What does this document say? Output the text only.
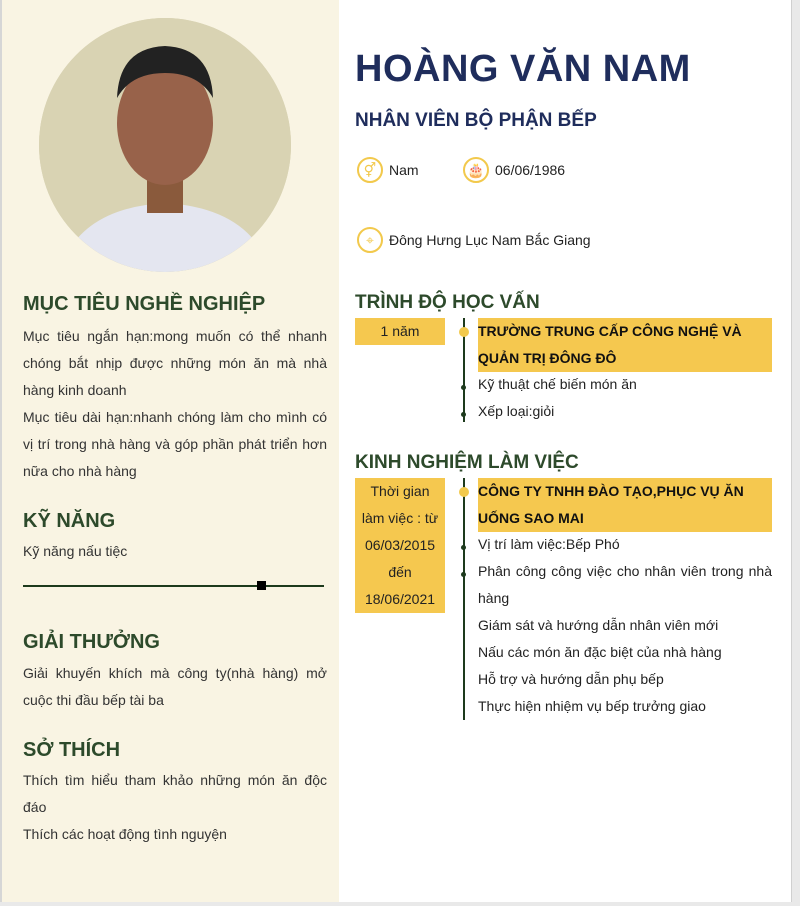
MỤC TIÊU NGHỀ NGHIỆP

Mục tiêu ngắn hạn:mong muốn có thể nhanh chóng bắt nhịp được những món ăn mà nhà hàng kinh doanh

Mục tiêu dài hạn:nhanh chóng làm cho mình có vị trí trong nhà hàng và góp phần phát triển hơn nữa cho nhà hàng

KỸ NĂNG
Kỹ năng nấu tiệc
GIẢI THƯỞNG
Giải khuyến khích mà công ty(nhà hàng) mở cuộc thi đầu bếp tài ba
SỞ THÍCH

Thích tìm hiểu tham khảo những món ăn độc đáo

Thích các hoạt động tình nguyện

HOÀNG VĂN NAM
NHÂN VIÊN BỘ PHẬN BẾP
⚥ Nam	🎂 06/06/1986
⌖	Đông Hưng Lục Nam Bắc Giang
TRÌNH ĐỘ HỌC VẤN
1 năm	TRƯỜNG TRUNG CẤP CÔNG NGHỆ VÀ QUẢN TRỊ ĐÔNG ĐÔ
Kỹ thuật chế biến món ăn
Xếp loại:giỏi
KINH NGHIỆM LÀM VIỆC
Thời gian làm việc : từ 06/03/2015 đến 18/06/2021
CÔNG TY TNHH ĐÀO TẠO,PHỤC VỤ ĂN UỐNG SAO MAI
Vị trí làm việc:Bếp Phó
Phân công công việc cho nhân viên trong nhà hàng
Giám sát và hướng dẫn nhân viên mới
Nấu các món ăn đặc biệt của nhà hàng
Hỗ trợ và hướng dẫn phụ bếp
Thực hiện nhiệm vụ bếp trưởng giao
